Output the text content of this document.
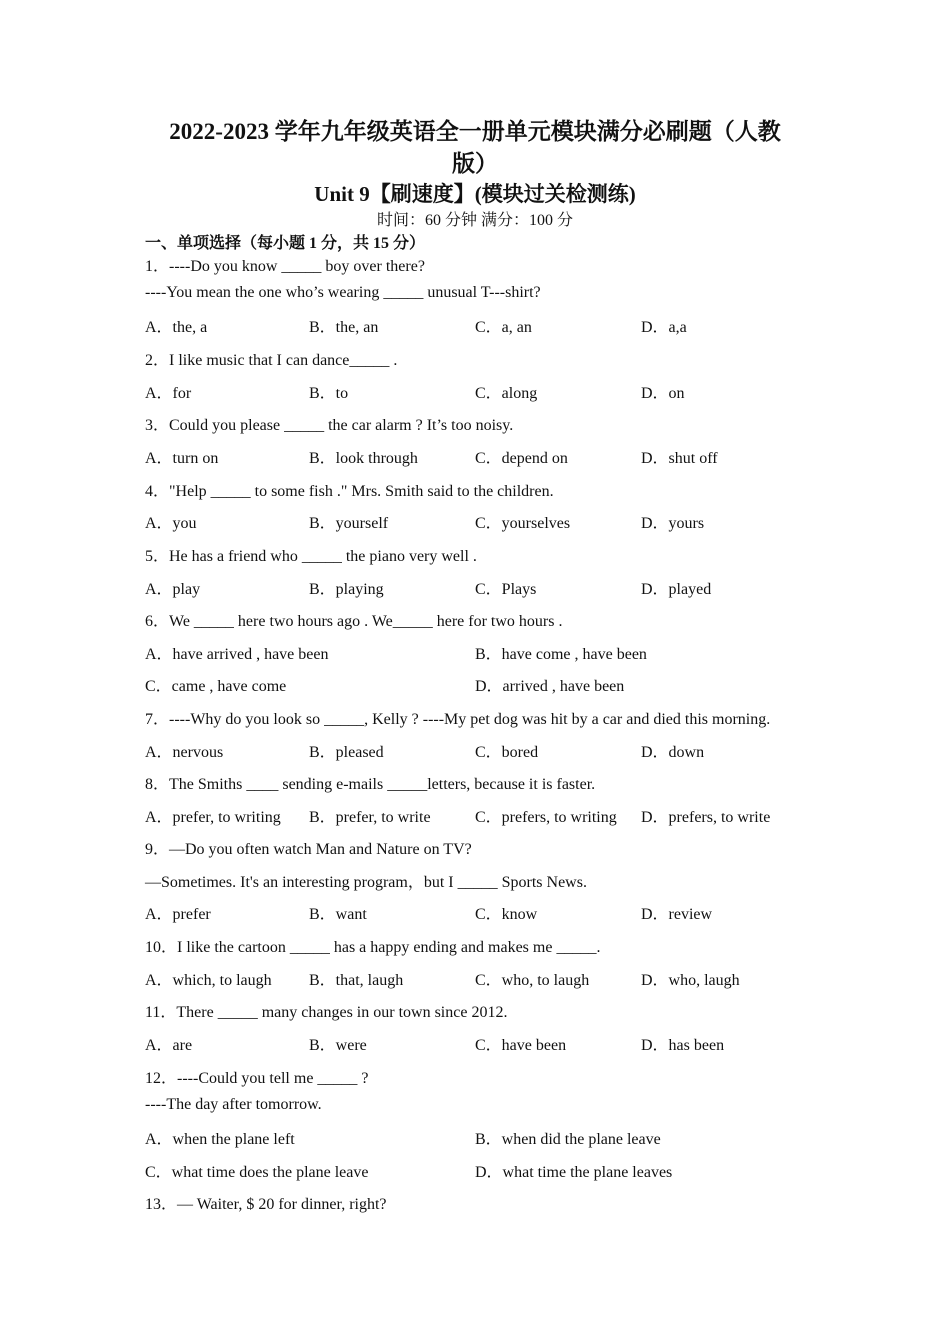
2022-2023 学年九年级英语全一册单元模块满分必刷题（人教
版）
Unit 9【刷速度】(模块过关检测练)
时间：60 分钟 满分：100 分
一、单项选择（每小题 1 分，共 15 分）
1．----Do you know _____ boy over there?
----You mean the one who’s wearing _____ unusual T---shirt?
A．the, a	B．the, an	C．a, an	D．a,a
2．I like music that I can dance_____ .
A．for	B．to	C．along	D．on
3．Could you please _____ the car alarm ? It’s too noisy.
A．turn on	B．look through	C．depend on	D．shut off
4．"Help _____ to some fish ." Mrs. Smith said to the children.
A．you	B．yourself	C．yourselves	D．yours
5．He has a friend who _____ the piano very well .
A．play	B．playing	C．Plays	D．played
6．We _____ here two hours ago . We_____ here for two hours .
A．have arrived , have been	B．have come , have been
C．came , have come	D．arrived , have been
7．----Why do you look so _____, Kelly ? ----My pet dog was hit by a car and died this morning.
A．nervous	B．pleased	C．bored	D．down
8．The Smiths ____ sending e-mails _____letters, because it is faster.
A．prefer, to writing B．prefer, to write	C．prefers, to writing D．prefers, to write
9．—Do you often watch Man and Nature on TV?
—Sometimes. It's an interesting program，but I _____ Sports News.
A．prefer	B．want	C．know	D．review
10．I like the cartoon _____ has a happy ending and makes me _____.
A．which, to laugh B．that, laugh	C．who, to laugh	D．who, laugh
11．There _____ many changes in our town since 2012.
A．are	B．were	C．have been	D．has been
12．----Could you tell me _____ ?
----The day after tomorrow.
A．when the plane left	B．when did the plane leave
C．what time does the plane leave	D．what time the plane leaves
13．— Waiter, $ 20 for dinner, right?
